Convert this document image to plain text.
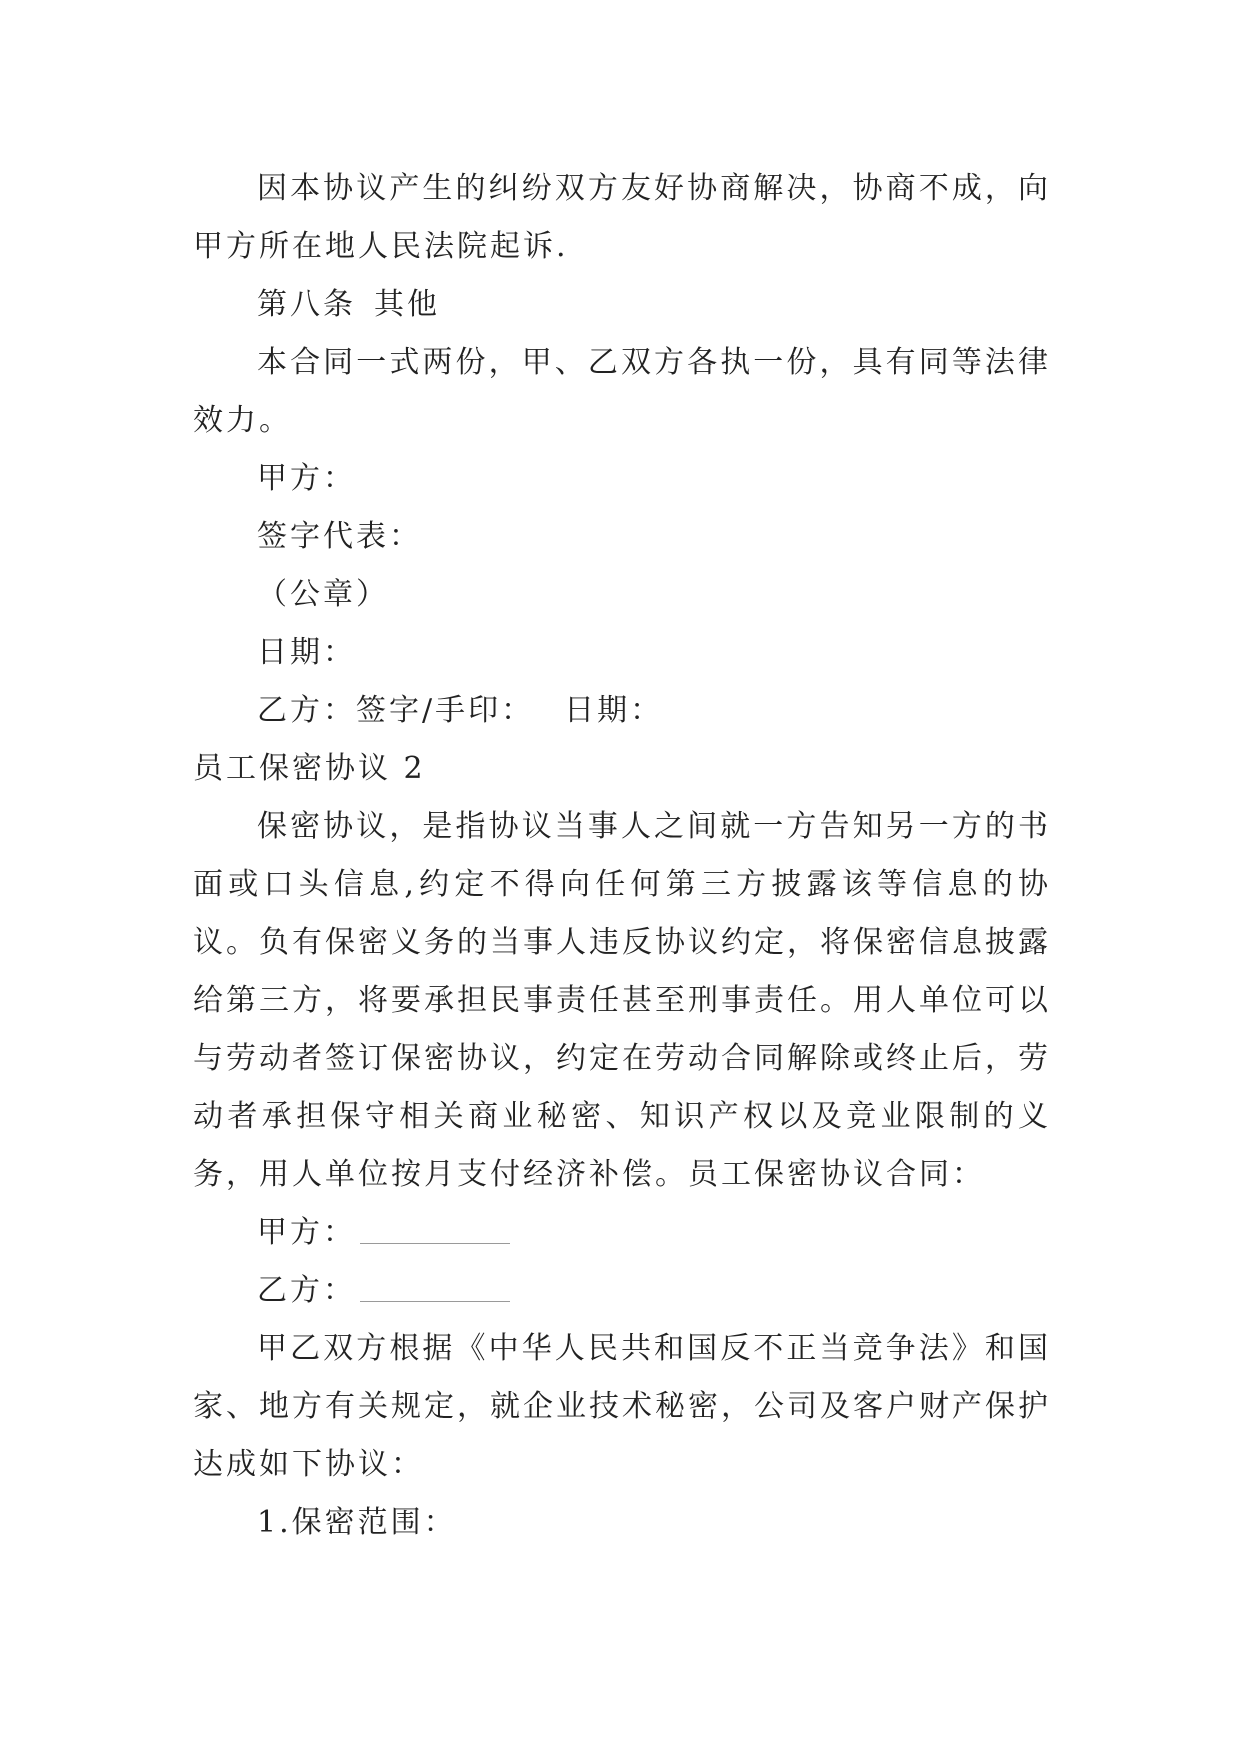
因本协议产生的纠纷双方友好协商解决，协商不成，向甲方所在地人民法院起诉.

第八条 其他

本合同一式两份，甲、乙双方各执一份，具有同等法律效力。

甲方：

签字代表：

（公章）

日期：

乙方：签字/手印： 日期：

员工保密协议 2

保密协议，是指协议当事人之间就一方告知另一方的书面或口头信息,约定不得向任何第三方披露该等信息的协议。负有保密义务的当事人违反协议约定，将保密信息披露给第三方，将要承担民事责任甚至刑事责任。用人单位可以与劳动者签订保密协议，约定在劳动合同解除或终止后，劳动者承担保守相关商业秘密、知识产权以及竞业限制的义务，用人单位按月支付经济补偿。员工保密协议合同：

甲方：

乙方：

甲乙双方根据《中华人民共和国反不正当竞争法》和国家、地方有关规定，就企业技术秘密，公司及客户财产保护达成如下协议：

1.保密范围：
